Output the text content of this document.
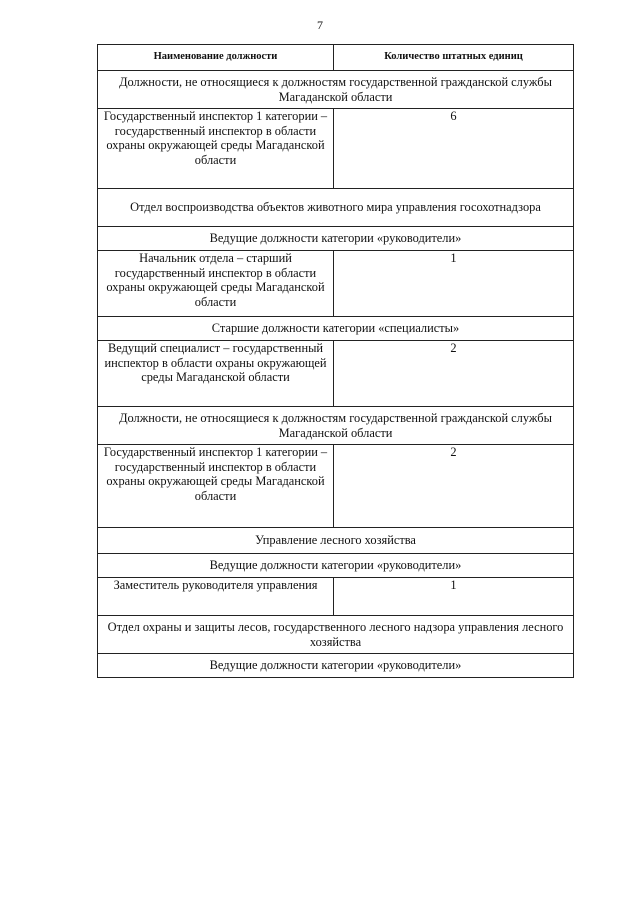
7
Наименование должности	Количество штатных единиц
Должности, не относящиеся к должностям государственной гражданской службы Магаданской области	
Государственный инспектор 1 категории – государственный инспектор в области охраны окружающей среды Магаданской области	6
Отдел воспроизводства объектов животного мира управления госохотнадзора	
Ведущие должности категории «руководители»	
Начальник отдела – старший государственный инспектор в области охраны окружающей среды Магаданской области	1
Старшие должности категории «специалисты»	
Ведущий специалист – государственный инспектор в области охраны окружающей среды Магаданской области	2
Должности, не относящиеся к должностям государственной гражданской службы Магаданской области	
Государственный инспектор 1 категории – государственный инспектор в области охраны окружающей среды Магаданской области	2
Управление лесного хозяйства	
Ведущие должности категории «руководители»	
Заместитель руководителя управления	1
Отдел охраны и защиты лесов, государственного лесного надзора управления лесного хозяйства	
Ведущие должности категории «руководители»	
